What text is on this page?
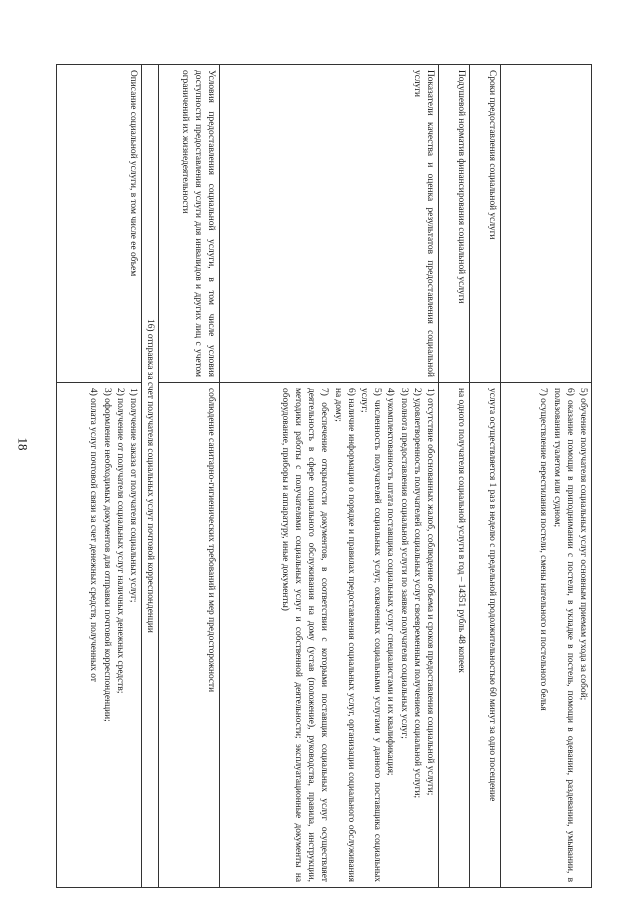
18	5) обучение получателя социальных услуг основным приемам ухода за собой;
6) оказание помощи в приподнимании с постели, в укладке в постель, помощи в одевании, раздевании, умывании, в пользовании туалетом или судном;
7) осуществление перестилания постели, смены нательного и постельного белья
Сроки предоставления социальной услуги
услуга осуществляется 1 раз в неделю с предельной продолжительностью 60 минут за одно посещение
Подушевой норматив финансирования социальной услуги
на одного получателя социальной услуги в год – 14351 рубль 48 копеек
Показатели качества и оценка результатов предоставления социальной услуги
1) отсутствие обоснованных жалоб, соблюдение объема и сроков предоставления социальной услуги;
2) удовлетворенность получателей социальных услуг своевременным получением социальной услуги;
3) полнота предоставления социальной услуги по заявке получателя социальных услуг;
4) укомплектованность штата поставщика социальных услуг специалистами и их квалификация;
5) численность получателей социальных услуг, охваченных социальными услугами у данного поставщика социальных услуг;
6) наличие информации о порядке и правилах предоставления социальных услуг, организации социального обслуживания на дому;
7) обеспечение открытости документов, в соответствии с которыми поставщик социальных услуг осуществляет деятельность в сфере социального обслуживания на дому (устав (положение), руководства, правила, инструкции, методики работы с получателями социальных услуг и собственной деятельности; эксплуатационные документы на оборудование, приборы и аппаратуру, иные документы)
Условия предоставления социальной услуги, в том числе условия доступности предоставления услуги для инвалидов и других лиц с учетом ограничений их жизнедеятельности
соблюдение санитарно-гигиенических требований и мер предосторожности
16) отправка за счет получателя социальных услуг почтовой корреспонденции
Описание социальной услуги, в том числе ее объем
1) получение заказа от получателя социальных услуг;
2) получение от получателя социальных услуг наличных денежных средств;
3) оформление необходимых документов для отправки почтовой корреспонденции;
4) оплата услуг почтовой связи за счет денежных средств, полученных от
